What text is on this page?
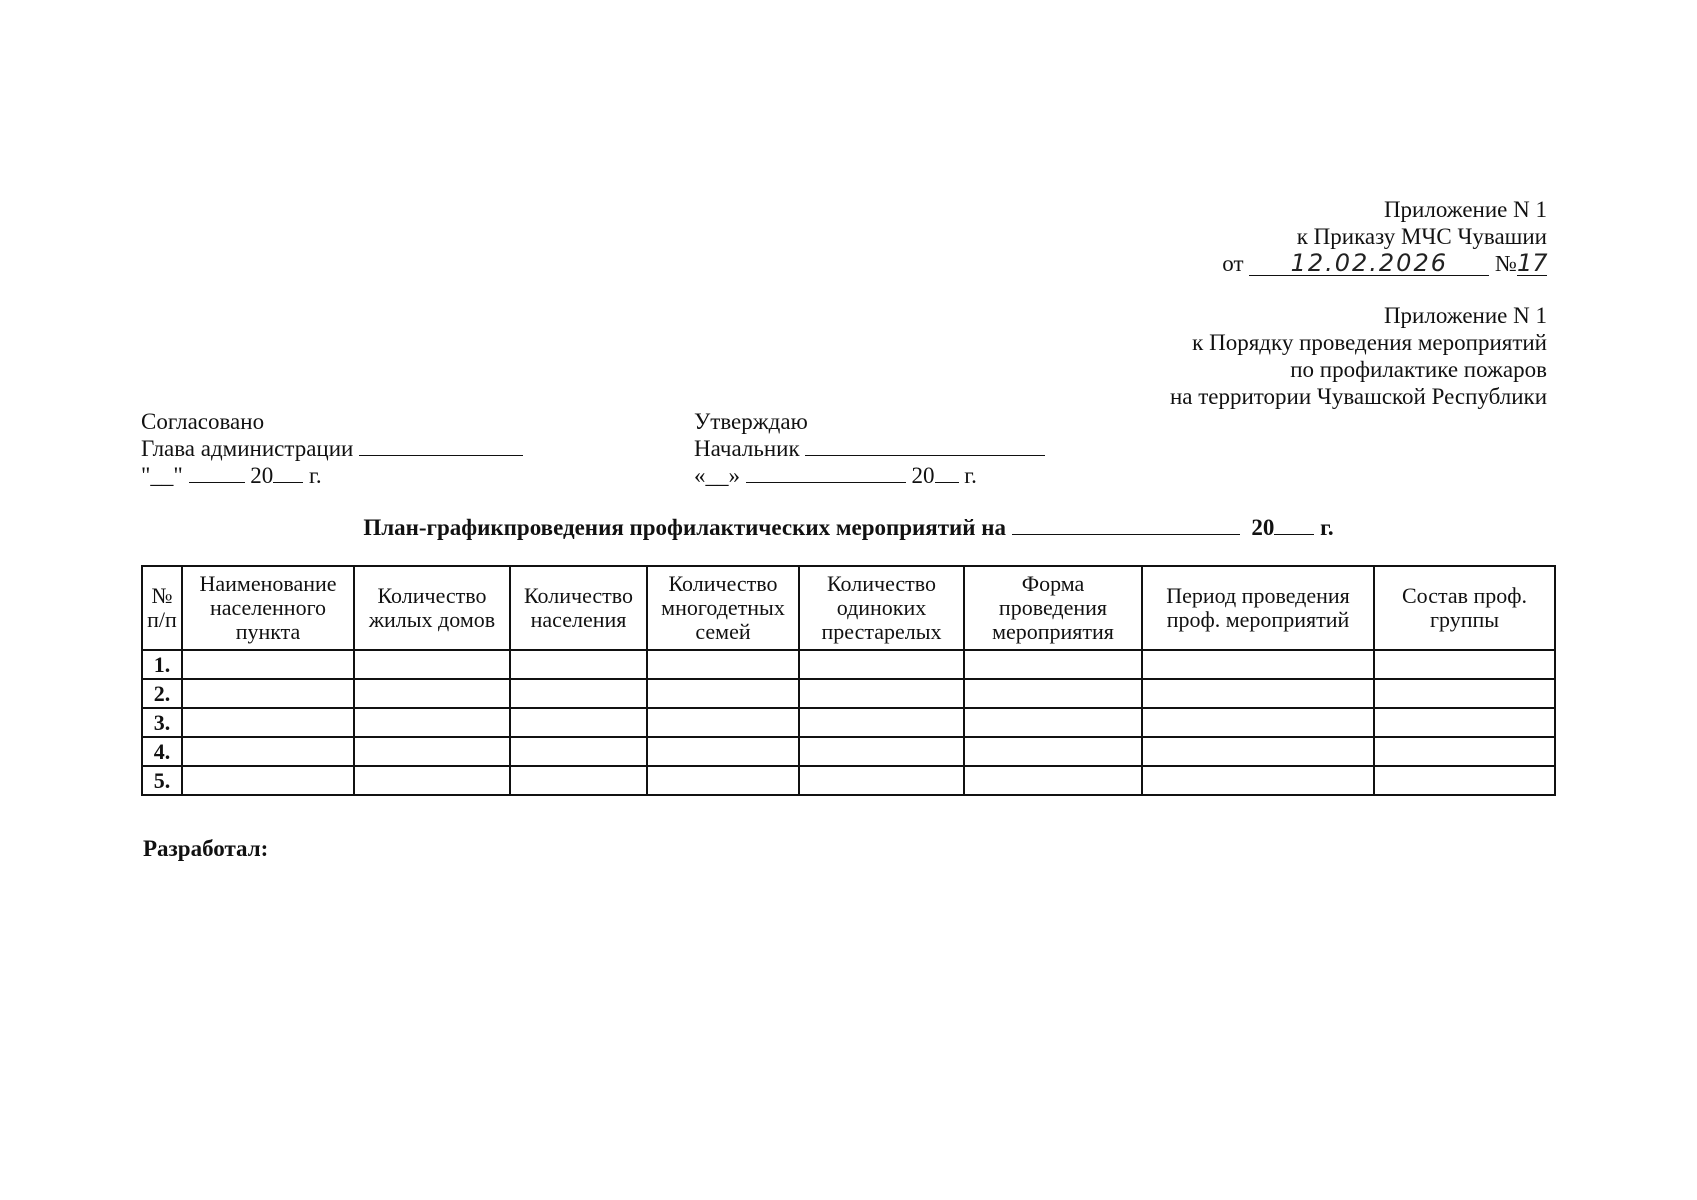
Приложение N 1
к Приказу МЧС Чувашии
от 12.02.2026 №17
Приложение N 1
к Порядку проведения мероприятий
по профилактике пожаров
на территории Чувашской Республики
Согласовано
Глава администрации
"__"	20 г.
Утверждаю
Начальник
«__»	20 г.
План-графикпроведения профилактических мероприятий на	20 г.
№ п/п	Наименование населенного пункта	Количество жилых домов	Количество населения	Количество многодетных семей	Количество одиноких престарелых	Форма проведения мероприятия	Период проведения проф. мероприятий	Состав проф. группы
1.								
2.								
3.								
4.								
5.								
Разработал:
